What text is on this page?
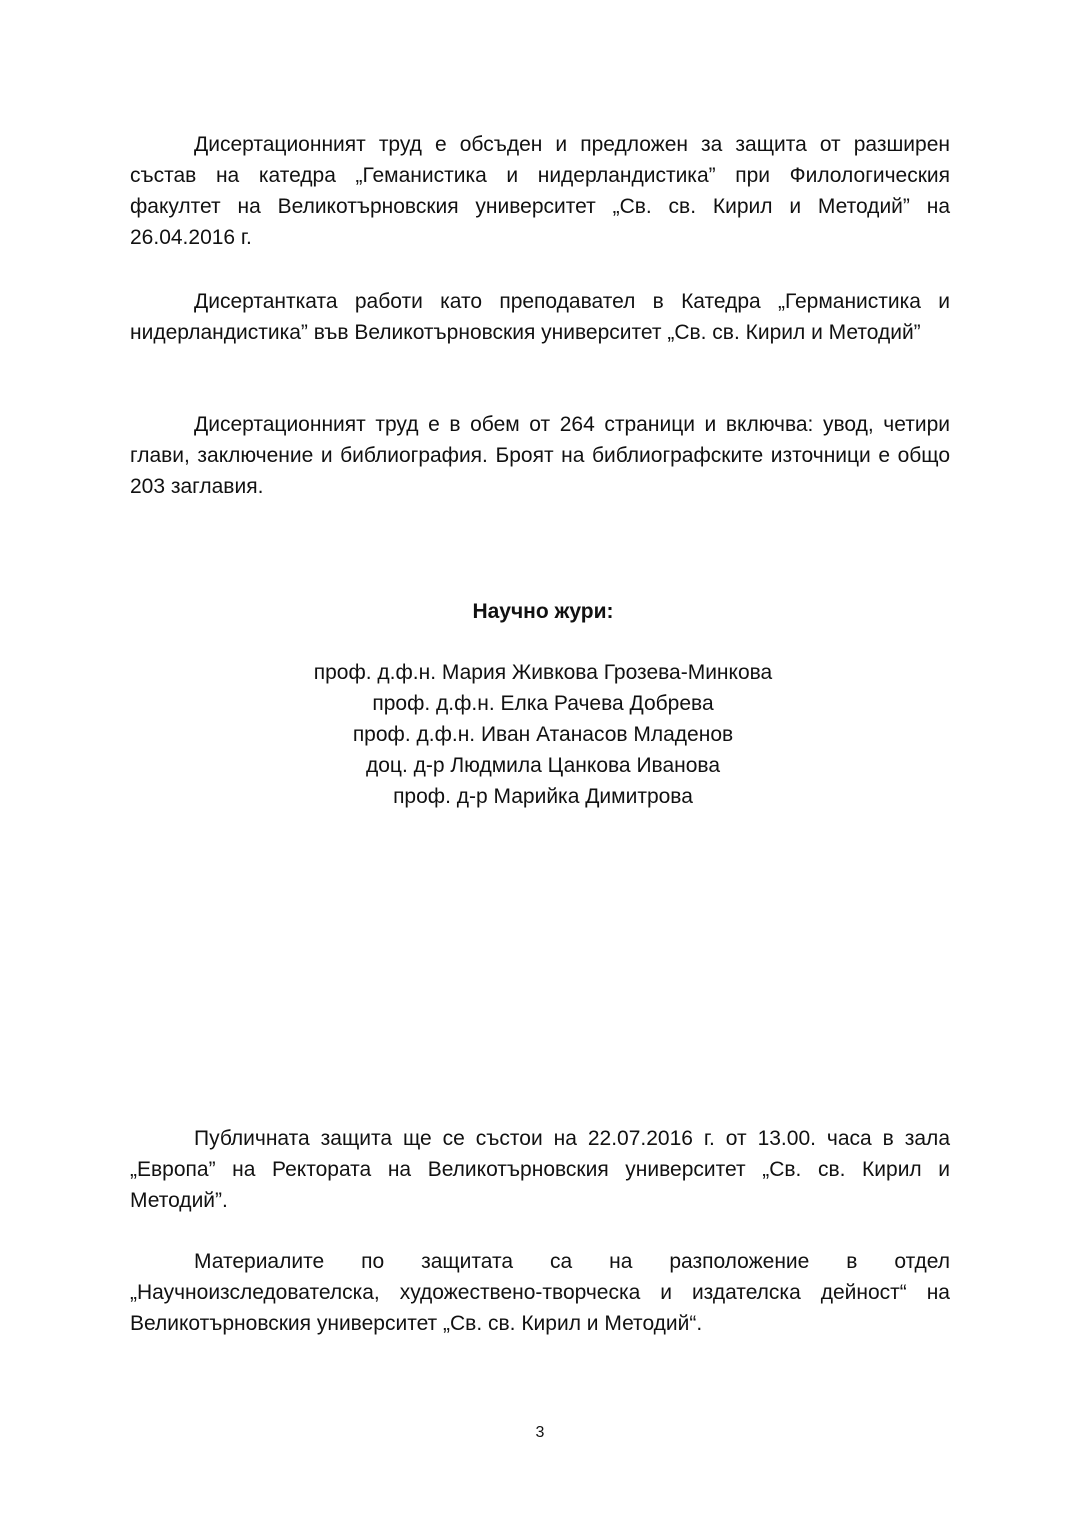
Дисертационният труд е обсъден и предложен за защита от разширен състав на катедра „Геманистика и нидерландистика” при Филологическия факултет на Великотърновския университет „Св. св. Кирил и Методий” на 26.04.2016 г.

Дисертантката работи като преподавател в Катедра „Германистика и нидерландистика” във Великотърновския университет „Св. св. Кирил и Методий”

Дисертационният труд е в обем от 264 страници и включва: увод, четири глави, заключение и библиография. Броят на библиографските източници е общо 203 заглавия.

Научно жури:
проф. д.ф.н. Мария Живкова Грозева-Минкова
проф. д.ф.н. Елка Рачева Добрева
проф. д.ф.н. Иван Атанасов Младенов
доц. д-р Людмила Цанкова Иванова
проф. д-р Марийка Димитрова

Публичната защита ще се състои на 22.07.2016 г. от 13.00. часа в зала „Европа” на Ректората на Великотърновския университет „Св. св. Кирил и Методий”.

Материалите по защитата са на разположение в отдел „Научноизследователска, художествено-творческа и издателска дейност“ на Великотърновския университет „Св. св. Кирил и Методий“.

3
